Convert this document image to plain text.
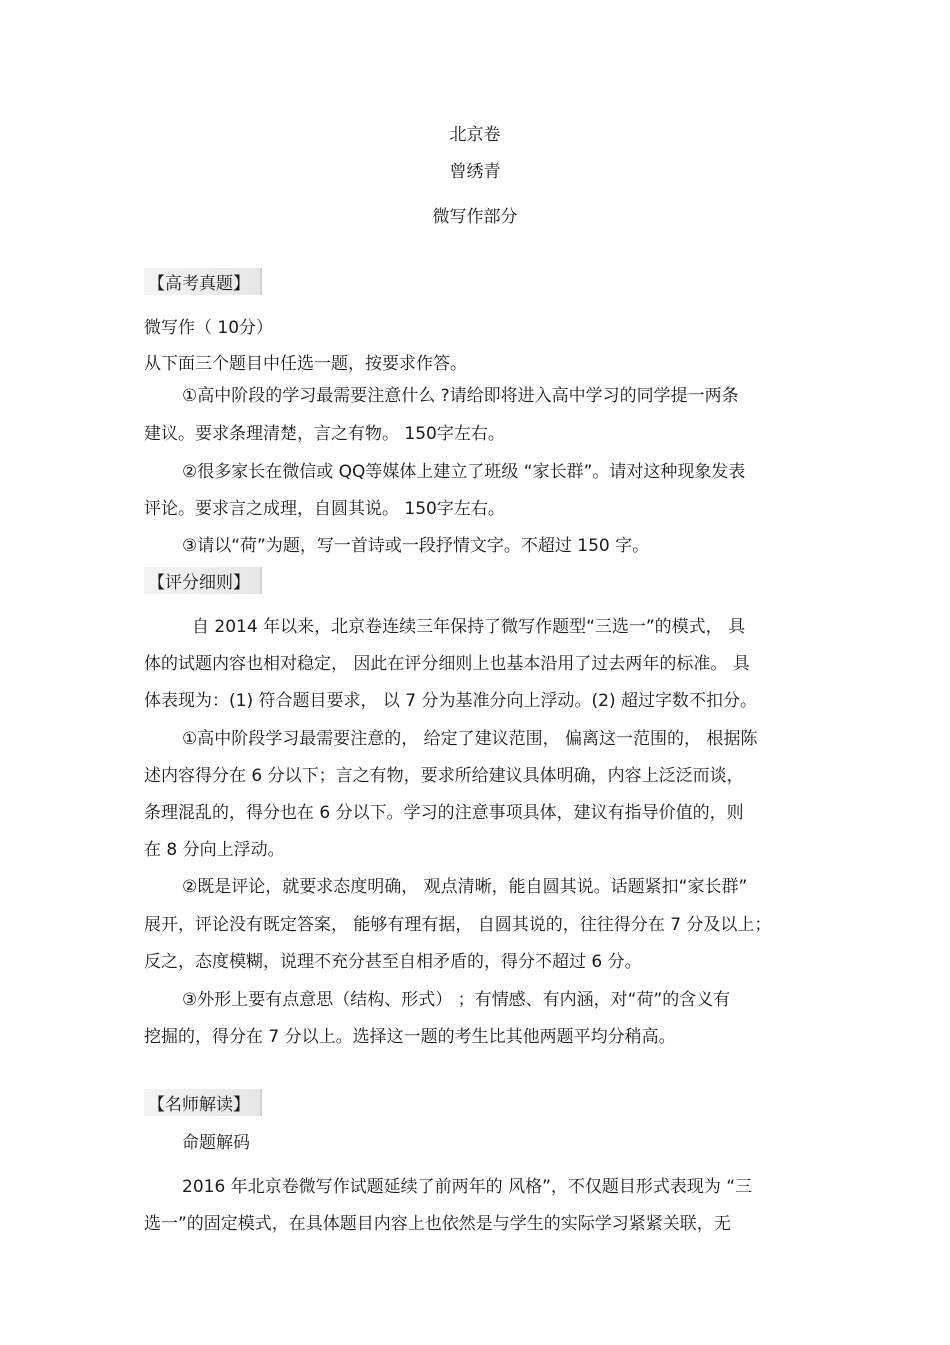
北京卷
曾绣青
微写作部分
【高考真题】
微写作（ 10分）
从下面三个题目中任选一题，按要求作答。
①高中阶段的学习最需要注意什么 ?请给即将进入高中学习的同学提一两条
建议。要求条理清楚，言之有物。 150字左右。
②很多家长在微信或 QQ等媒体上建立了班级 “家长群”。请对这种现象发表
评论。要求言之成理，自圆其说。 150字左右。
③请以“荷”为题，写一首诗或一段抒情文字。不超过 150 字。
【评分细则】
自 2014 年以来，北京卷连续三年保持了微写作题型“三选一”的模式， 具
体的试题内容也相对稳定， 因此在评分细则上也基本沿用了过去两年的标准。 具
体表现为：(1) 符合题目要求， 以 7 分为基准分向上浮动。(2) 超过字数不扣分。
①高中阶段学习最需要注意的， 给定了建议范围， 偏离这一范围的， 根据陈
述内容得分在 6 分以下；言之有物，要求所给建议具体明确，内容上泛泛而谈，
条理混乱的，得分也在 6 分以下。学习的注意事项具体，建议有指导价值的，则
在 8 分向上浮动。
②既是评论，就要求态度明确， 观点清晰，能自圆其说。话题紧扣“家长群”
展开，评论没有既定答案， 能够有理有据， 自圆其说的，往往得分在 7 分及以上；
反之，态度模糊，说理不充分甚至自相矛盾的，得分不超过 6 分。
③外形上要有点意思（结构、形式） ；有情感、有内涵，对“荷”的含义有
挖掘的，得分在 7 分以上。选择这一题的考生比其他两题平均分稍高。
【名师解读】
命题解码
2016 年北京卷微写作试题延续了前两年的 风格”，不仅题目形式表现为 “三
选一”的固定模式，在具体题目内容上也依然是与学生的实际学习紧紧关联，无
